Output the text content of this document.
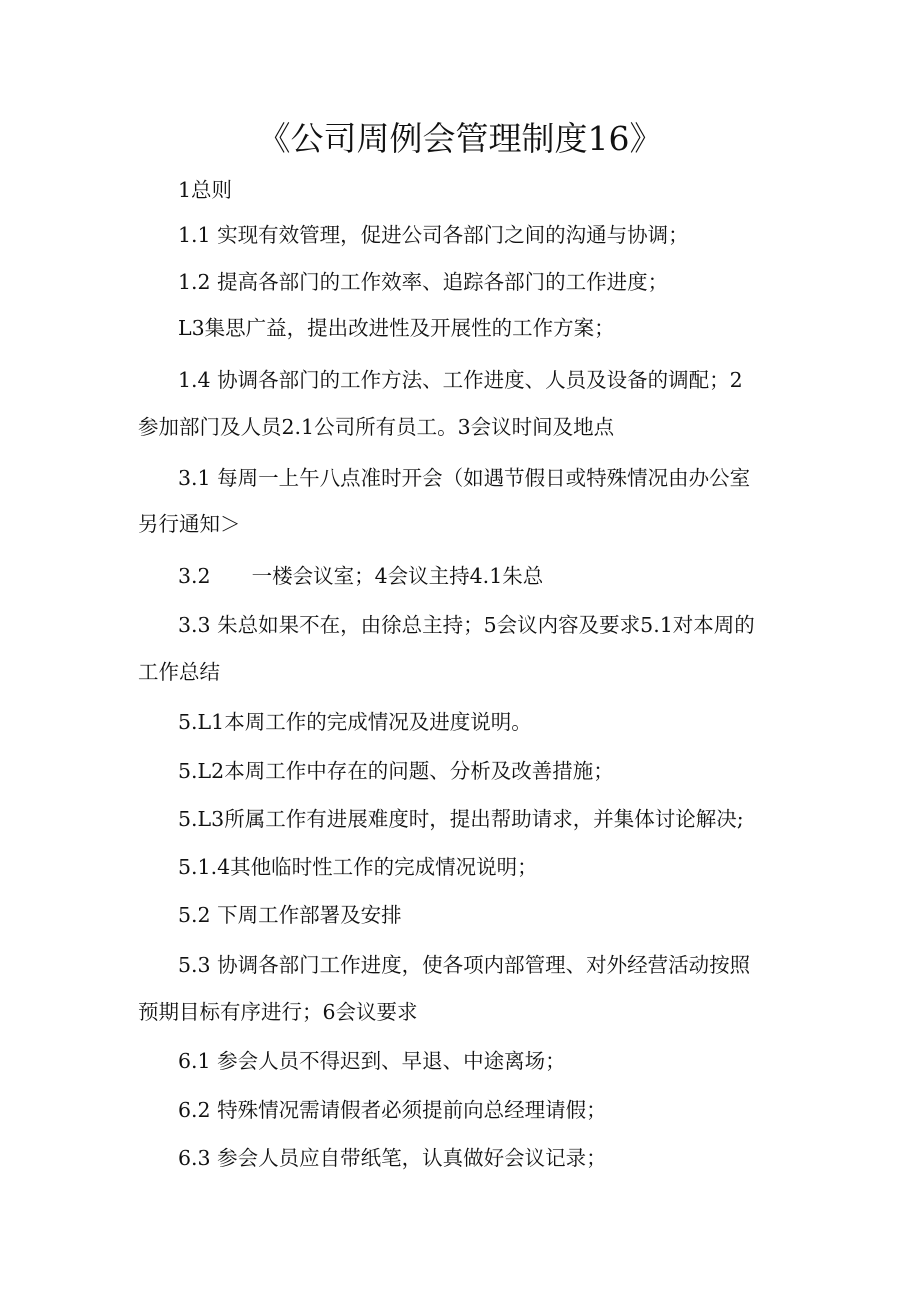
《公司周例会管理制度16》

1总则

1.1 实现有效管理，促进公司各部门之间的沟通与协调；

1.2 提高各部门的工作效率、追踪各部门的工作进度；

L3集思广益，提出改进性及开展性的工作方案；

1.4 协调各部门的工作方法、工作进度、人员及设备的调配；2

参加部门及人员2.1公司所有员工。3会议时间及地点

3.1 每周一上午八点准时开会（如遇节假日或特殊情况由办公室

另行通知＞

3.2　　一楼会议室；4会议主持4.1朱总

3.3 朱总如果不在，由徐总主持；5会议内容及要求5.1对本周的

工作总结

5.L1本周工作的完成情况及进度说明。

5.L2本周工作中存在的问题、分析及改善措施；

5.L3所属工作有进展难度时，提出帮助请求，并集体讨论解决;

5.1.4其他临时性工作的完成情况说明；

5.2 下周工作部署及安排

5.3 协调各部门工作进度，使各项内部管理、对外经营活动按照

预期目标有序进行；6会议要求

6.1 参会人员不得迟到、早退、中途离场；

6.2 特殊情况需请假者必须提前向总经理请假；

6.3 参会人员应自带纸笔，认真做好会议记录；
